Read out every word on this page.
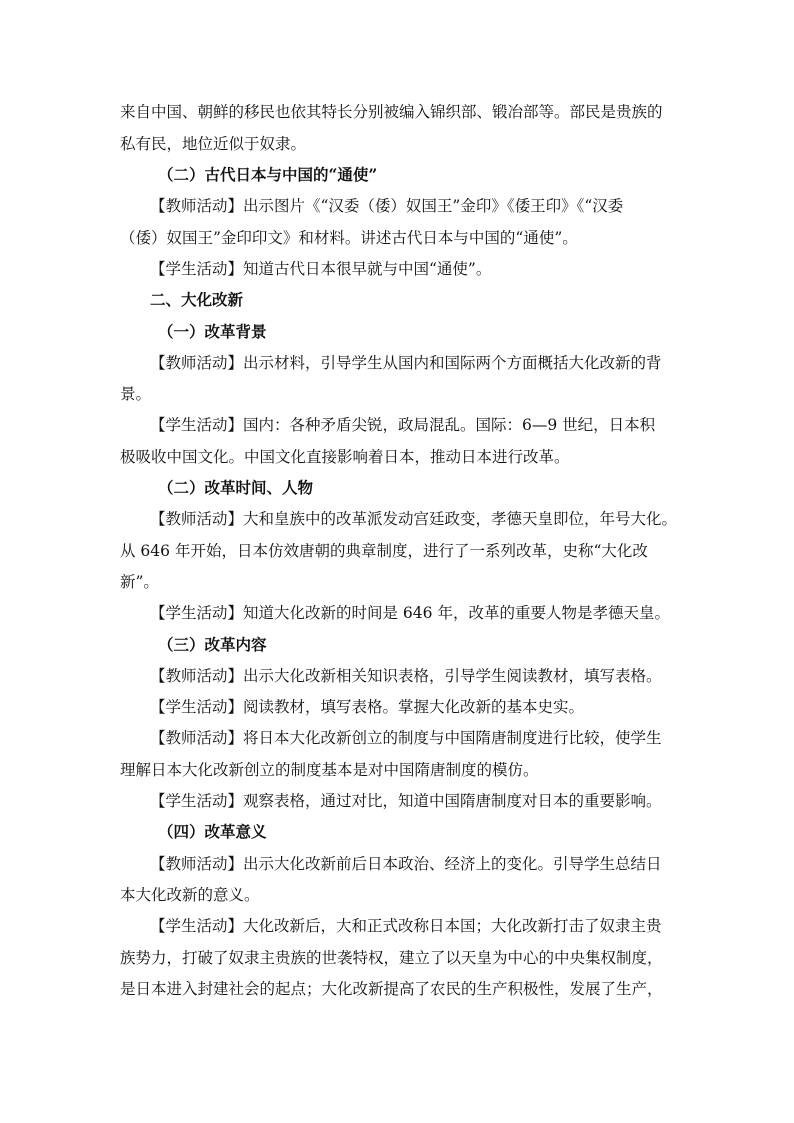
来自中国、朝鲜的移民也依其特长分别被编入锦织部、锻冶部等。部民是贵族的
私有民，地位近似于奴隶。
（二）古代日本与中国的“通使”
【教师活动】出示图片《“汉委（倭）奴国王”金印》《倭王印》《“汉委
（倭）奴国王”金印印文》和材料。讲述古代日本与中国的“通使”。
【学生活动】知道古代日本很早就与中国“通使”。
二、大化改新
（一）改革背景
【教师活动】出示材料，引导学生从国内和国际两个方面概括大化改新的背
景。
【学生活动】国内：各种矛盾尖锐，政局混乱。国际：6—9 世纪，日本积
极吸收中国文化。中国文化直接影响着日本，推动日本进行改革。
（二）改革时间、人物
【教师活动】大和皇族中的改革派发动宫廷政变，孝德天皇即位，年号大化。
从 646 年开始，日本仿效唐朝的典章制度，进行了一系列改革，史称“大化改
新”。
【学生活动】知道大化改新的时间是 646 年，改革的重要人物是孝德天皇。
（三）改革内容
【教师活动】出示大化改新相关知识表格，引导学生阅读教材，填写表格。
【学生活动】阅读教材，填写表格。掌握大化改新的基本史实。
【教师活动】将日本大化改新创立的制度与中国隋唐制度进行比较，使学生
理解日本大化改新创立的制度基本是对中国隋唐制度的模仿。
【学生活动】观察表格，通过对比，知道中国隋唐制度对日本的重要影响。
（四）改革意义
【教师活动】出示大化改新前后日本政治、经济上的变化。引导学生总结日
本大化改新的意义。
【学生活动】大化改新后，大和正式改称日本国；大化改新打击了奴隶主贵
族势力，打破了奴隶主贵族的世袭特权，建立了以天皇为中心的中央集权制度，
是日本进入封建社会的起点；大化改新提高了农民的生产积极性，发展了生产，
